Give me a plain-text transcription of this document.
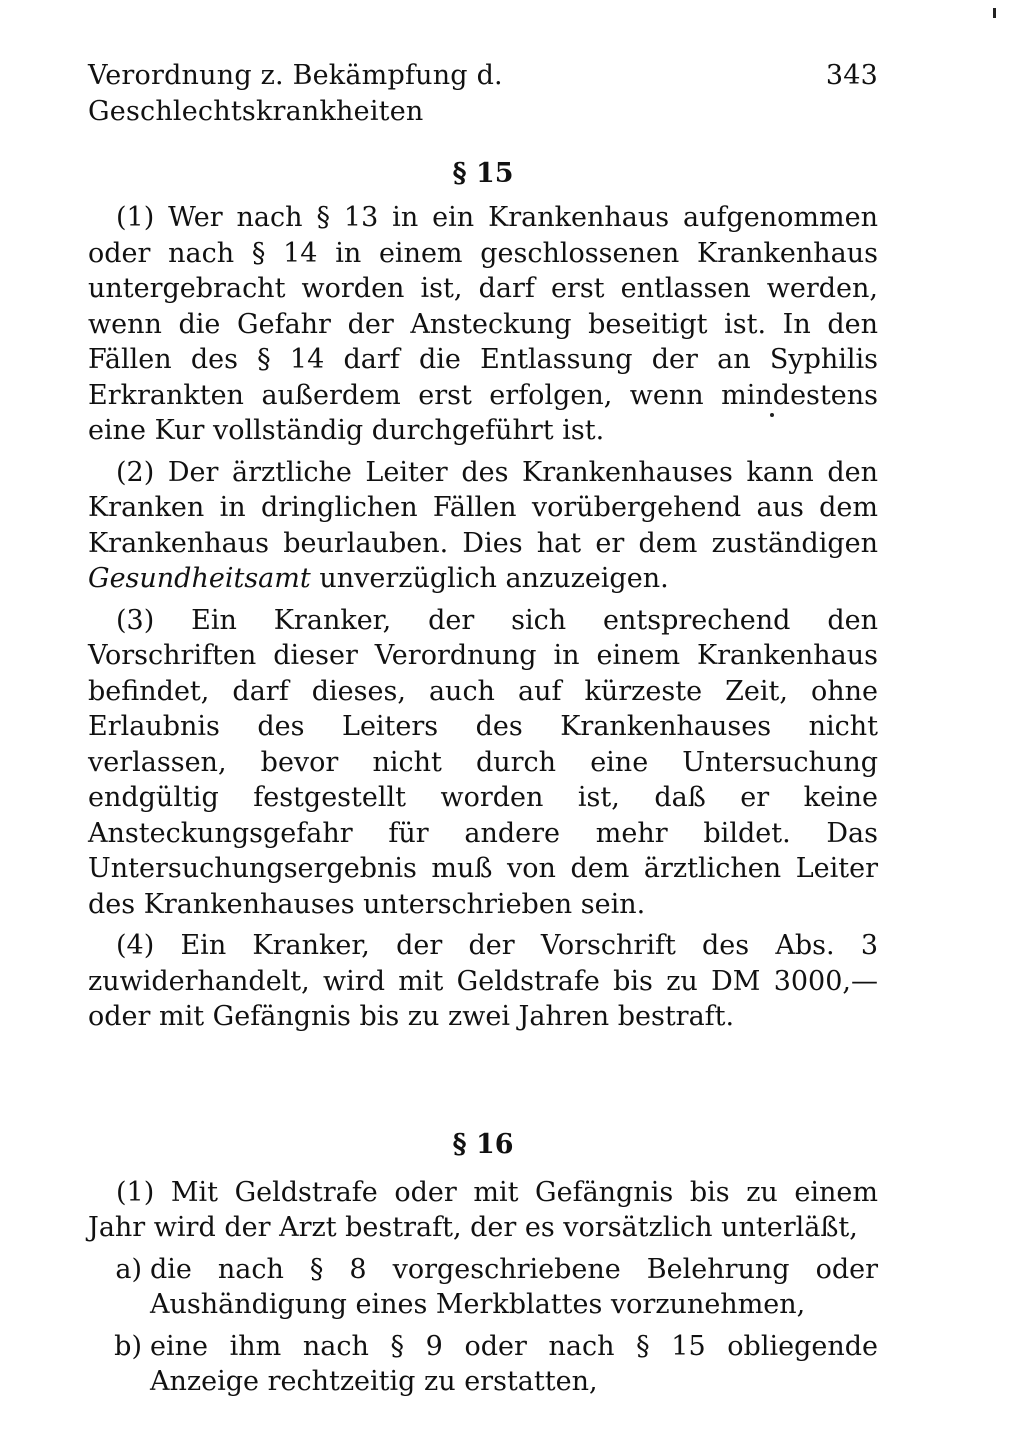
Verordnung z. Bekämpfung d. Geschlechtskrankheiten
343
§ 15

(1) Wer nach § 13 in ein Krankenhaus aufgenommen oder nach § 14 in einem geschlossenen Krankenhaus untergebracht worden ist, darf erst entlassen werden, wenn die Gefahr der Ansteckung beseitigt ist. In den Fällen des § 14 darf die Entlassung der an Syphilis Erkrankten außerdem erst erfolgen, wenn mindestens eine Kur vollständig durchgeführt ist.

(2) Der ärztliche Leiter des Krankenhauses kann den Kranken in dringlichen Fällen vorübergehend aus dem Krankenhaus beurlauben. Dies hat er dem zuständigen Gesundheitsamt unverzüglich anzuzeigen.

(3) Ein Kranker, der sich entsprechend den Vorschriften dieser Verordnung in einem Krankenhaus befindet, darf dieses, auch auf kürzeste Zeit, ohne Erlaubnis des Leiters des Krankenhauses nicht verlassen, bevor nicht durch eine Untersuchung endgültig festgestellt worden ist, daß er keine Ansteckungsgefahr für andere mehr bildet. Das Untersuchungsergebnis muß von dem ärztlichen Leiter des Krankenhauses unterschrieben sein.

(4) Ein Kranker, der der Vorschrift des Abs. 3 zuwiderhandelt, wird mit Geldstrafe bis zu DM 3000,— oder mit Gefängnis bis zu zwei Jahren bestraft.

§ 16

(1) Mit Geldstrafe oder mit Gefängnis bis zu einem Jahr wird der Arzt bestraft, der es vorsätzlich unterläßt,

a) die nach § 8 vorgeschriebene Belehrung oder Aushändigung eines Merkblattes vorzunehmen,
b) eine ihm nach § 9 oder nach § 15 obliegende Anzeige rechtzeitig zu erstatten,
